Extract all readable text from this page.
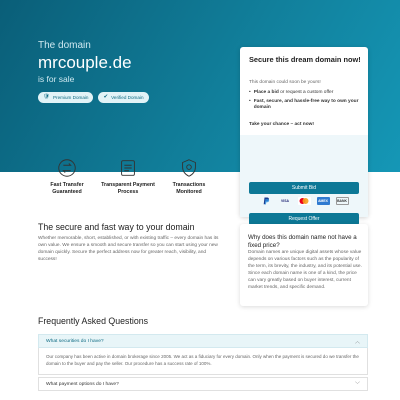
The domain
mrcouple.de
is for sale
🛡 Premium Domain	✔ Verified Domain
Secure this dream domain now!
This domain could soon be yours!
• Place a bid or request a custom offer
• Fast, secure, and hassle-free way to own your domain
Take your chance – act now!
Submit Bid
Request Offer
VISA	AMEX	BANK
Fast Transfer Guaranteed
Transparent Payment Process
Transactions Monitored
The secure and fast way to your domain
Whether memorable, short, established, or with existing traffic – every domain has its own value. We ensure a smooth and secure transfer so you can start using your new domain quickly. Secure the perfect address now for greater reach, visibility, and success!
Why does this domain name not have a fixed price?
Domain names are unique digital assets whose value depends on various factors such as the popularity of the term, its brevity, the industry, and its potential use. Since each domain name is one of a kind, the price can vary greatly based on buyer interest, current market trends, and specific demand.
Frequently Asked Questions
What securities do I have?	︿
Our company has been active in domain brokerage since 2005. We act as a fiduciary for every domain. Only when the payment is secured do we transfer the domain to the buyer and pay the seller. Our procedure has a success rate of 100%.
What payment options do I have?	﹀
